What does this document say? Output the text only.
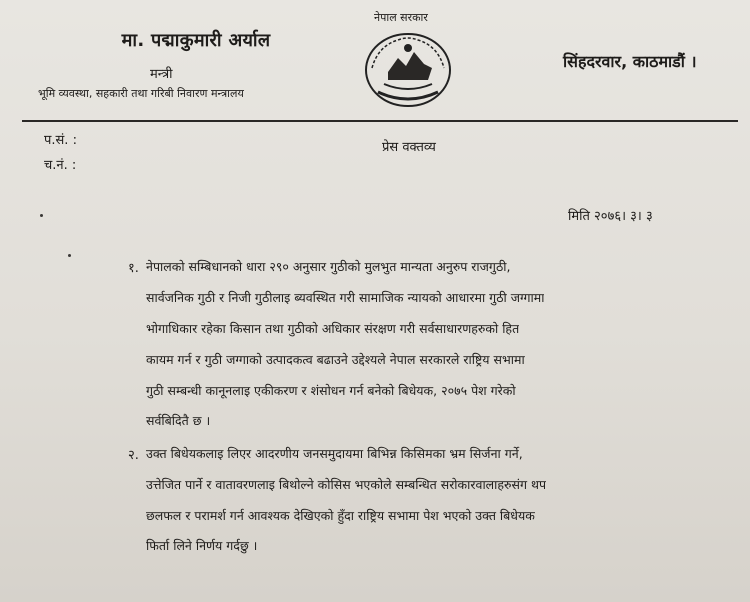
मा. पद्माकुमारी अर्याल
मन्त्री
भूमि व्यवस्था, सहकारी तथा गरिबी निवारण मन्त्रालय
नेपाल सरकार
सिंहदरवार, काठमाडौं ।
प.सं. :
च.नं. :
प्रेस वक्तव्य
मिति २०७६। ३। ३
१. नेपालको सम्बिधानको धारा २९० अनुसार गुठीको मुलभुत मान्यता अनुरुप राजगुठी,
सार्वजनिक गुठी र निजी गुठीलाइ ब्यवस्थित गरी सामाजिक न्यायको आधारमा गुठी जग्गामा
भोगाधिकार रहेका किसान तथा गुठीको अधिकार संरक्षण गरी सर्वसाधारणहरुको हित
कायम गर्न र गुठी जग्गाको उत्पादकत्व बढाउने उद्देश्यले नेपाल सरकारले राष्ट्रिय सभामा
गुठी सम्बन्धी कानूनलाइ एकीकरण र शंसोधन गर्न बनेको बिधेयक, २०७५ पेश गरेको
सर्वबिदितै छ ।
२. उक्त बिधेयकलाइ लिएर आदरणीय जनसमुदायमा बिभिन्न किसिमका भ्रम सिर्जना गर्ने,
उत्तेजित पार्ने र वातावरणलाइ बिथोल्ने कोसिस भएकोले सम्बन्धित सरोकारवालाहरुसंग थप
छलफल र परामर्श गर्न आवश्यक देखिएको हुँदा राष्ट्रिय सभामा पेश भएको उक्त बिधेयक
फिर्ता लिने निर्णय गर्दछु ।
